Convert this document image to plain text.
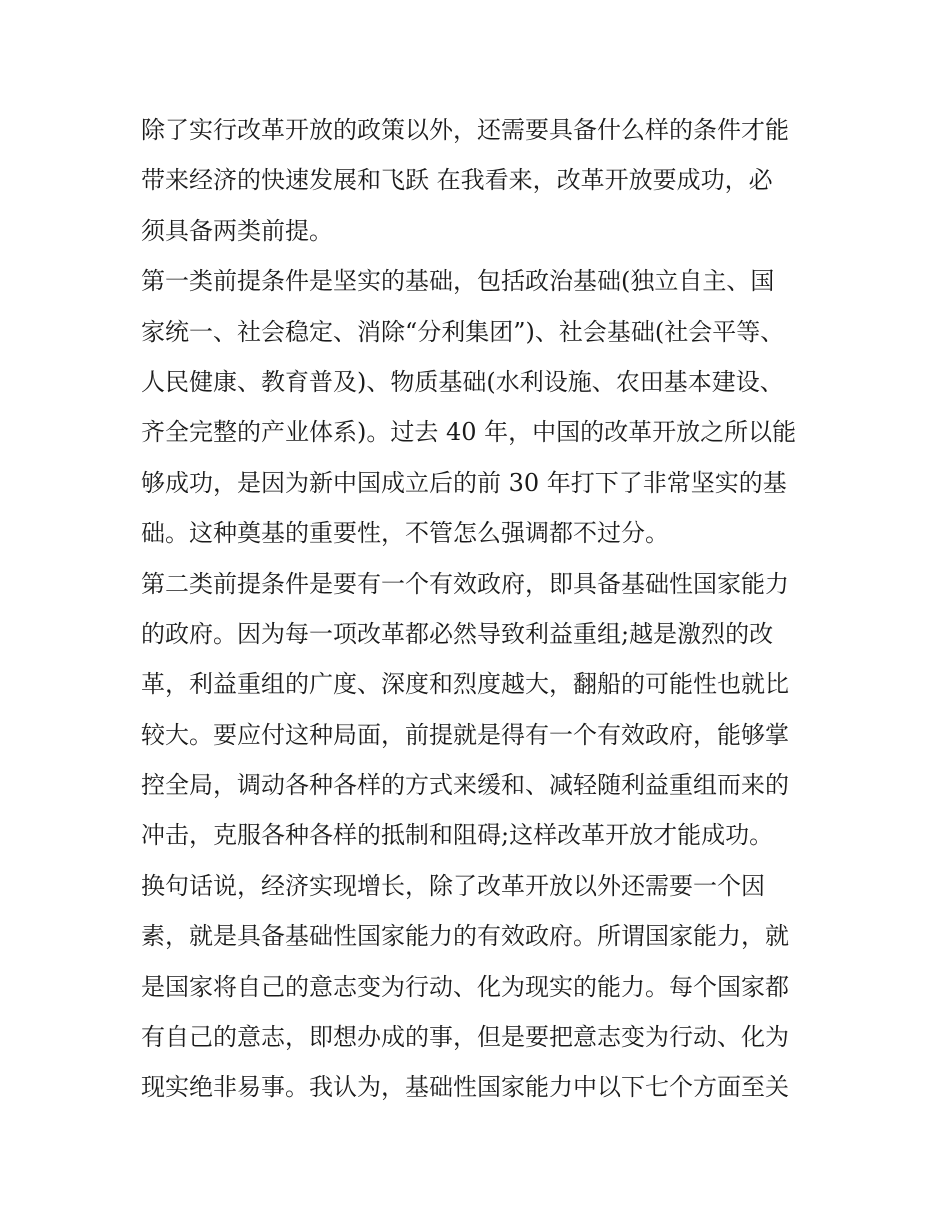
除了实行改革开放的政策以外，还需要具备什么样的条件才能
带来经济的快速发展和飞跃 在我看来，改革开放要成功，必
须具备两类前提。
第一类前提条件是坚实的基础，包括政治基础(独立自主、国
家统一、社会稳定、消除“分利集团”)、社会基础(社会平等、
人民健康、教育普及)、物质基础(水利设施、农田基本建设、
齐全完整的产业体系)。过去 40 年，中国的改革开放之所以能
够成功，是因为新中国成立后的前 30 年打下了非常坚实的基
础。这种奠基的重要性，不管怎么强调都不过分。
第二类前提条件是要有一个有效政府，即具备基础性国家能力
的政府。因为每一项改革都必然导致利益重组;越是激烈的改
革，利益重组的广度、深度和烈度越大，翻船的可能性也就比
较大。要应付这种局面，前提就是得有一个有效政府，能够掌
控全局，调动各种各样的方式来缓和、减轻随利益重组而来的
冲击，克服各种各样的抵制和阻碍;这样改革开放才能成功。
换句话说，经济实现增长，除了改革开放以外还需要一个因
素，就是具备基础性国家能力的有效政府。所谓国家能力，就
是国家将自己的意志变为行动、化为现实的能力。每个国家都
有自己的意志，即想办成的事，但是要把意志变为行动、化为
现实绝非易事。我认为，基础性国家能力中以下七个方面至关
